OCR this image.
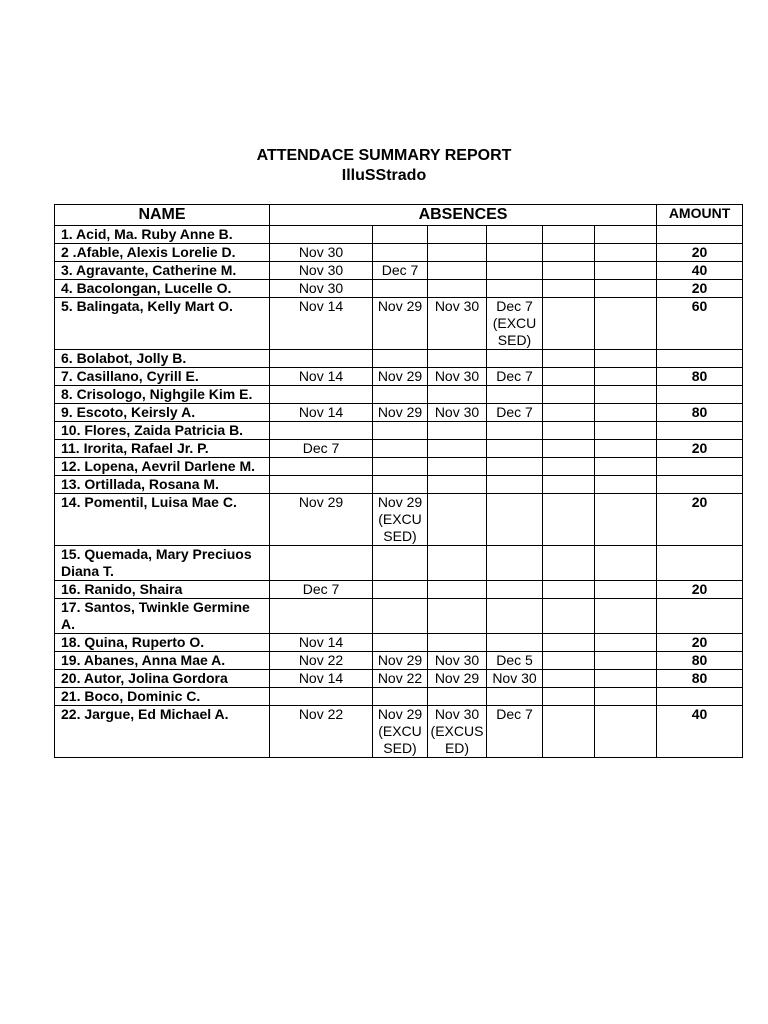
ATTENDACE SUMMARY REPORT
IlluSStrado
NAME	ABSENCES						AMOUNT
1. Acid, Ma. Ruby Anne B.							
2 .Afable, Alexis Lorelie D.	Nov 30						20
3. Agravante, Catherine M.	Nov 30	Dec 7					40
4. Bacolongan, Lucelle O.	Nov 30						20
5. Balingata, Kelly Mart O.	Nov 14	Nov 29	Nov 30	Dec 7 (EXCUSED)			60
6. Bolabot, Jolly B.							
7. Casillano, Cyrill E.	Nov 14	Nov 29	Nov 30	Dec 7			80
8. Crisologo, Nighgile Kim E.							
9. Escoto, Keirsly A.	Nov 14	Nov 29	Nov 30	Dec 7			80
10. Flores, Zaida Patricia B.							
11. Irorita, Rafael Jr. P.	Dec 7						20
12. Lopena, Aevril Darlene M.							
13. Ortillada, Rosana M.							
14. Pomentil, Luisa Mae C.	Nov 29	Nov 29 (EXCUSED)					20
15. Quemada, Mary Preciuos Diana T.							
16. Ranido, Shaira	Dec 7						20
17. Santos, Twinkle Germine A.							
18. Quina, Ruperto O.	Nov 14						20
19. Abanes, Anna Mae A.	Nov 22	Nov 29	Nov 30	Dec 5			80
20. Autor, Jolina Gordora	Nov 14	Nov 22	Nov 29	Nov 30			80
21. Boco, Dominic C.							
22. Jargue, Ed Michael A.	Nov 22	Nov 29 (EXCUSED)	Nov 30 (EXCUSED)	Dec 7			40
